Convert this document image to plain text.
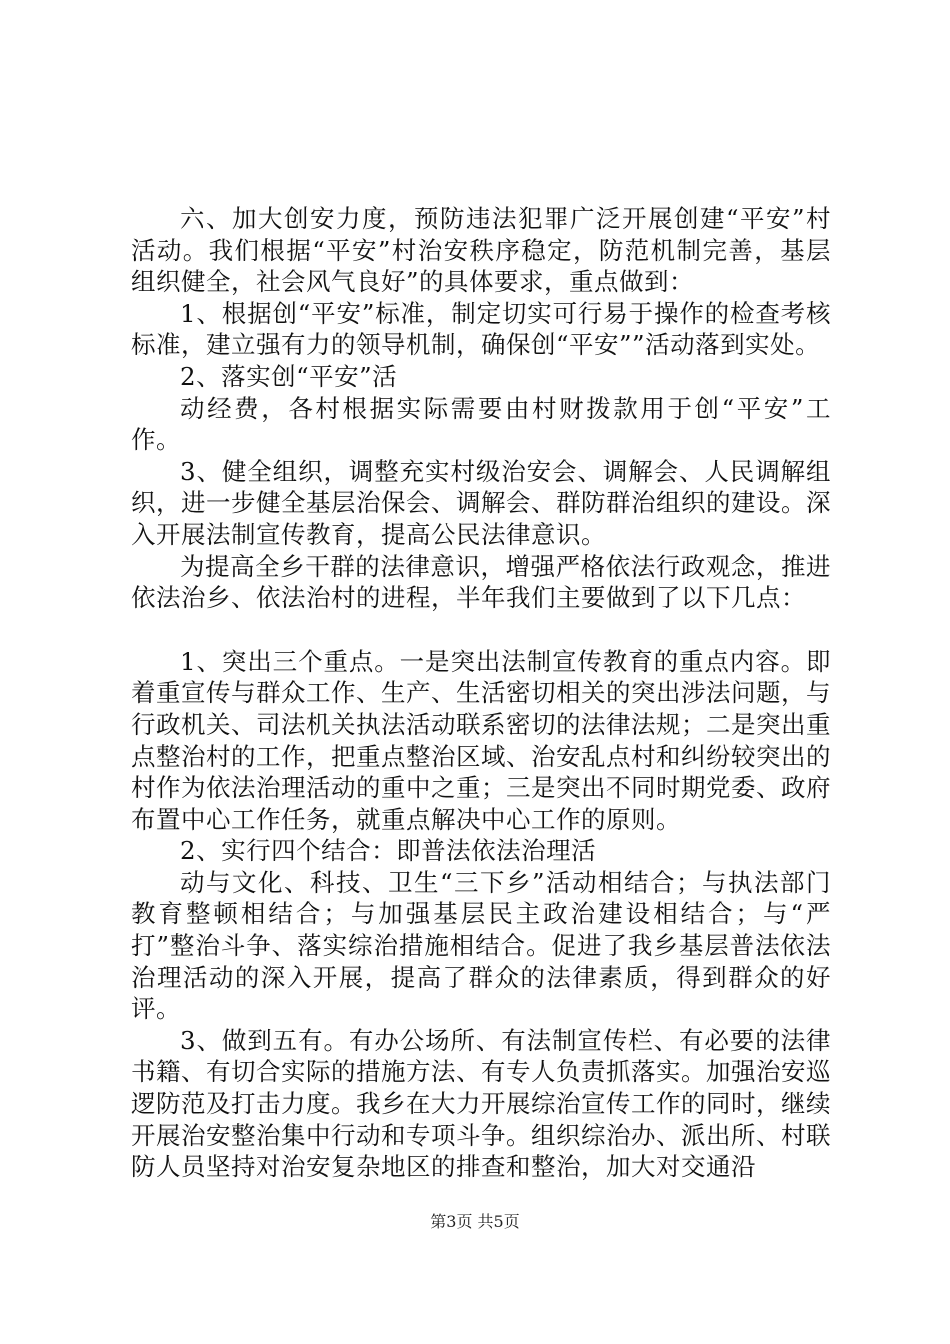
六、加大创安力度，预防违法犯罪广泛开展创建“平安”村活动。我们根据“平安”村治安秩序稳定，防范机制完善，基层组织健全，社会风气良好”的具体要求，重点做到：

1、根据创“平安”标准，制定切实可行易于操作的检查考核标准，建立强有力的领导机制，确保创“平安””活动落到实处。

2、落实创“平安”活

动经费，各村根据实际需要由村财拨款用于创“平安”工作。

3、健全组织，调整充实村级治安会、调解会、人民调解组织，进一步健全基层治保会、调解会、群防群治组织的建设。深入开展法制宣传教育，提高公民法律意识。

为提高全乡干群的法律意识，增强严格依法行政观念，推进依法治乡、依法治村的进程，半年我们主要做到了以下几点：

1、突出三个重点。一是突出法制宣传教育的重点内容。即着重宣传与群众工作、生产、生活密切相关的突出涉法问题，与行政机关、司法机关执法活动联系密切的法律法规；二是突出重点整治村的工作，把重点整治区域、治安乱点村和纠纷较突出的村作为依法治理活动的重中之重；三是突出不同时期党委、政府布置中心工作任务，就重点解决中心工作的原则。

2、实行四个结合：即普法依法治理活

动与文化、科技、卫生“三下乡”活动相结合；与执法部门教育整顿相结合；与加强基层民主政治建设相结合；与“严打”整治斗争、落实综治措施相结合。促进了我乡基层普法依法治理活动的深入开展，提高了群众的法律素质，得到群众的好评。

3、做到五有。有办公场所、有法制宣传栏、有必要的法律书籍、有切合实际的措施方法、有专人负责抓落实。加强治安巡逻防范及打击力度。我乡在大力开展综治宣传工作的同时，继续开展治安整治集中行动和专项斗争。组织综治办、派出所、村联防人员坚持对治安复杂地区的排查和整治，加大对交通沿

第3页 共5页
